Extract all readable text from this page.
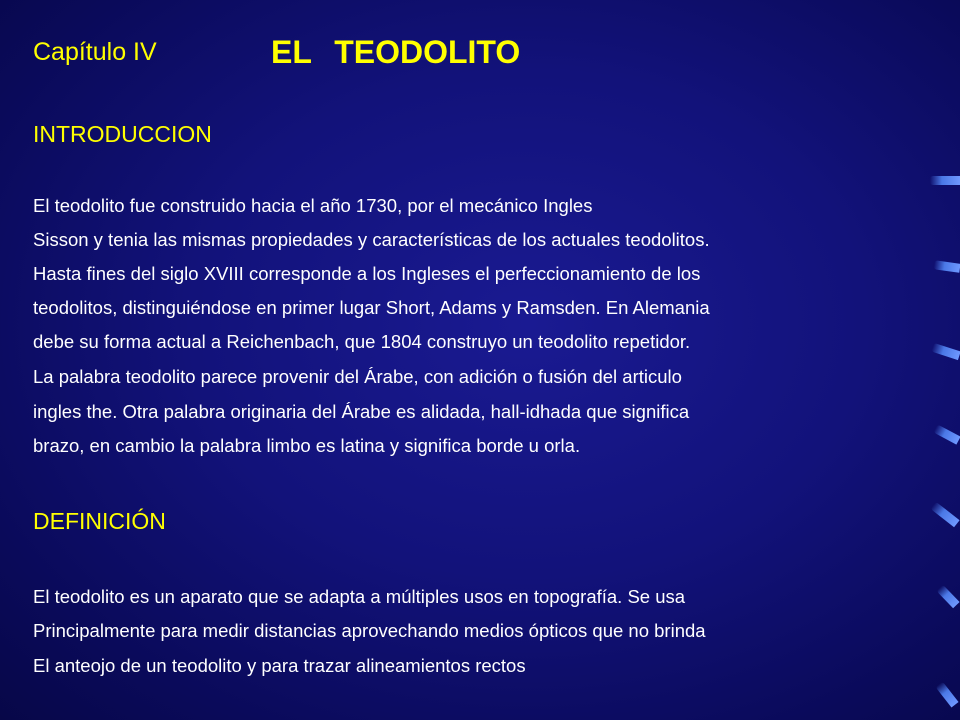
Capítulo IV	EL TEODOLITO
INTRODUCCION
El teodolito fue construido hacia el año 1730, por el mecánico Ingles
Sisson y tenia las mismas propiedades y características de los actuales teodolitos.
Hasta fines del siglo XVIII corresponde a los Ingleses el perfeccionamiento de los
teodolitos, distinguiéndose en primer lugar Short, Adams y Ramsden. En Alemania
debe su forma actual a Reichenbach, que 1804 construyo un teodolito repetidor.
La palabra teodolito parece provenir del Árabe, con adición o fusión del articulo
ingles the. Otra palabra originaria del Árabe es alidada, hall-idhada que significa
brazo, en cambio la palabra limbo es latina y significa borde u orla.
DEFINICIÓN
El teodolito es un aparato que se adapta a múltiples usos en topografía. Se usa
Principalmente para medir distancias aprovechando medios ópticos que no brinda
El anteojo de un teodolito y para trazar alineamientos rectos
